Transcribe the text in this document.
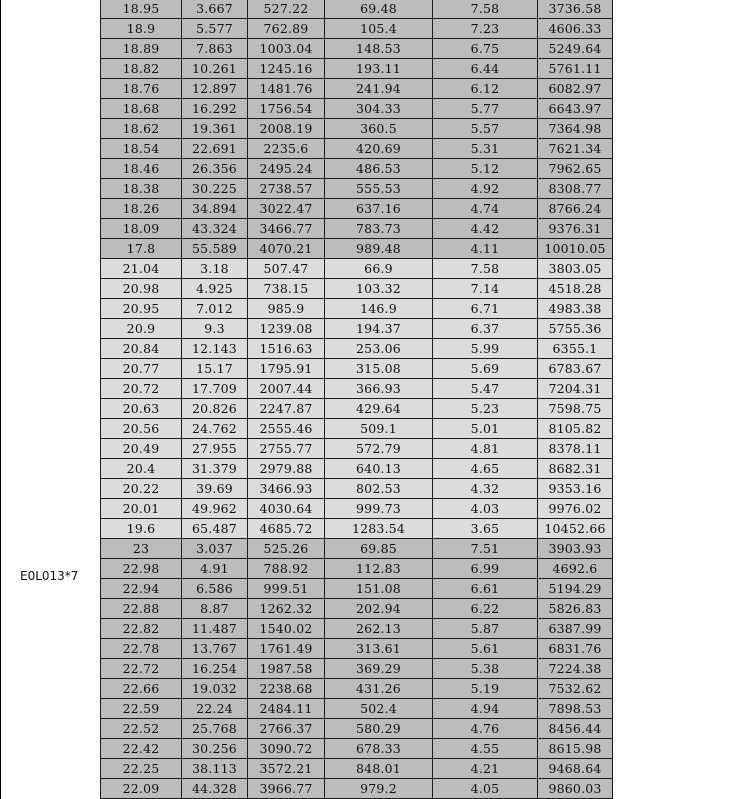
E0L013*7
18.95	3.667	527.22	69.48	7.58	3736.58
18.9	5.577	762.89	105.4	7.23	4606.33
18.89	7.863	1003.04	148.53	6.75	5249.64
18.82	10.261	1245.16	193.11	6.44	5761.11
18.76	12.897	1481.76	241.94	6.12	6082.97
18.68	16.292	1756.54	304.33	5.77	6643.97
18.62	19.361	2008.19	360.5	5.57	7364.98
18.54	22.691	2235.6	420.69	5.31	7621.34
18.46	26.356	2495.24	486.53	5.12	7962.65
18.38	30.225	2738.57	555.53	4.92	8308.77
18.26	34.894	3022.47	637.16	4.74	8766.24
18.09	43.324	3466.77	783.73	4.42	9376.31
17.8	55.589	4070.21	989.48	4.11	10010.05
21.04	3.18	507.47	66.9	7.58	3803.05
20.98	4.925	738.15	103.32	7.14	4518.28
20.95	7.012	985.9	146.9	6.71	4983.38
20.9	9.3	1239.08	194.37	6.37	5755.36
20.84	12.143	1516.63	253.06	5.99	6355.1
20.77	15.17	1795.91	315.08	5.69	6783.67
20.72	17.709	2007.44	366.93	5.47	7204.31
20.63	20.826	2247.87	429.64	5.23	7598.75
20.56	24.762	2555.46	509.1	5.01	8105.82
20.49	27.955	2755.77	572.79	4.81	8378.11
20.4	31.379	2979.88	640.13	4.65	8682.31
20.22	39.69	3466.93	802.53	4.32	9353.16
20.01	49.962	4030.64	999.73	4.03	9976.02
19.6	65.487	4685.72	1283.54	3.65	10452.66
23	3.037	525.26	69.85	7.51	3903.93
22.98	4.91	788.92	112.83	6.99	4692.6
22.94	6.586	999.51	151.08	6.61	5194.29
22.88	8.87	1262.32	202.94	6.22	5826.83
22.82	11.487	1540.02	262.13	5.87	6387.99
22.78	13.767	1761.49	313.61	5.61	6831.76
22.72	16.254	1987.58	369.29	5.38	7224.38
22.66	19.032	2238.68	431.26	5.19	7532.62
22.59	22.24	2484.11	502.4	4.94	7898.53
22.52	25.768	2766.37	580.29	4.76	8456.44
22.42	30.256	3090.72	678.33	4.55	8615.98
22.25	38.113	3572.21	848.01	4.21	9468.64
22.09	44.328	3966.77	979.2	4.05	9860.03
